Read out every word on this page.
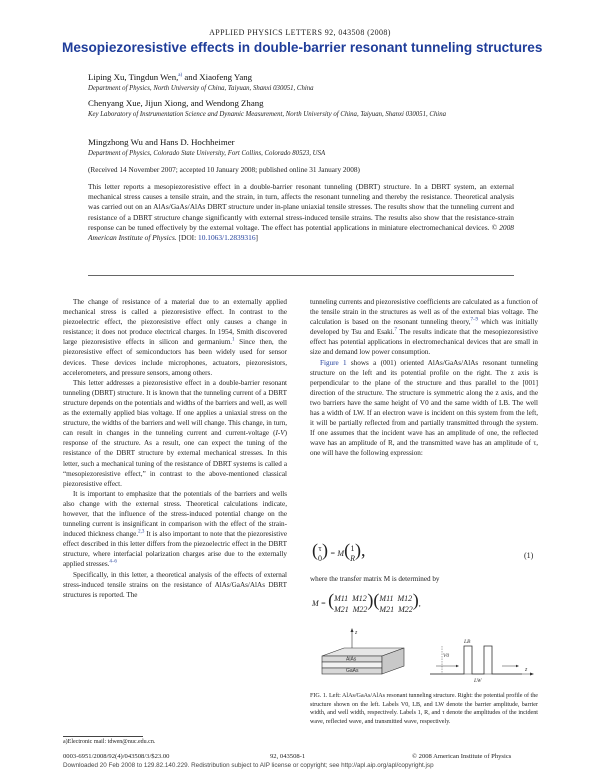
APPLIED PHYSICS LETTERS 92, 043508 (2008)
Mesopiezoresistive effects in double-barrier resonant tunneling structures
Liping Xu, Tingdun Wen,$^{a)}$ and Xiaofeng Yang
Department of Physics, North University of China, Taiyuan, Shanxi 030051, China
Chenyang Xue, Jijun Xiong, and Wendong Zhang
Key Laboratory of Instrumentation Science and Dynamic Measurement, North University of China, Taiyuan, Shanxi 030051, China
Mingzhong Wu and Hans D. Hochheimer
Department of Physics, Colorado State University, Fort Collins, Colorado 80523, USA
(Received 14 November 2007; accepted 10 January 2008; published online 31 January 2008)
This letter reports a mesopiezoresistive effect in a double-barrier resonant tunneling (DBRT) structure. In a DBRT system, an external mechanical stress causes a tensile strain, and the strain, in turn, affects the resonant tunneling and thereby the resistance. Theoretical analysis was carried out on an AlAs/GaAs/AlAs DBRT structure under in-plane uniaxial tensile stresses. The results show that the tunneling current and resistance of a DBRT structure change significantly with external stress-induced tensile strains. The results also show that the resistance-strain response can be tuned effectively by the external voltage. The effect has potential applications in miniature electromechanical devices. © 2008 American Institute of Physics. [DOI: 10.1063/1.2839316]

The change of resistance of a material due to an externally applied mechanical stress is called a piezoresistive effect. In contrast to the piezoelectric effect, the piezoresistive effect only causes a change in resistance; it does not produce electrical charges. In 1954, Smith discovered large piezoresistive effects in silicon and germanium.$^1$ Since then, the piezoresistive effect of semiconductors has been widely used for sensor devices. These devices include microphones, actuators, piezoresistors, accelerometers, and pressure sensors, among others.

This letter addresses a piezoresistive effect in a double-barrier resonant tunneling (DBRT) structure. It is known that the tunneling current of a DBRT structure depends on the potentials and widths of the barriers and well, as well as the externally applied bias voltage. If one applies a uniaxial stress on the structure, the widths of the barriers and well will change. This change, in turn, can result in changes in the tunneling current and current-voltage (I-V) response of the structure. As a result, one can expect the tuning of the resistance of the DBRT structure by external mechanical stresses. In this letter, such a mechanical tuning of the resistance of DBRT systems is called a “mesopiezoresistive effect,” in contrast to the above-mentioned classical piezoresistive effect.

It is important to emphasize that the potentials of the barriers and wells also change with the external stress. Theoretical calculations indicate, however, that the influence of the stress-induced potential change on the tunneling current is insignificant in comparison with the effect of the strain-induced thickness change.$^{2,3}$ It is also important to note that the piezoresistive effect described in this letter differs from the piezoelectric effect in the DBRT structure, where interfacial polarization charges arise due to the externally applied stresses.$^{4-6}$

Specifically, in this letter, a theoretical analysis of the effects of external stress-induced tensile strains on the resistance of AlAs/GaAs/AlAs DBRT structures is reported. The

tunneling currents and piezoresistive coefficients are calculated as a function of the tensile strain in the structures as well as of the external bias voltage. The calculation is based on the resonant tunneling theory,$^{7-9}$ which was initially developed by Tsu and Esaki.$^7$ The results indicate that the mesopiezoresistive effect has potential applications in electromechanical devices that are small in size and demand low power consumption.

Figure 1 shows a (001) oriented AlAs/GaAs/AlAs resonant tunneling structure on the left and its potential profile on the right. The z axis is perpendicular to the plane of the structure and thus parallel to the [001] direction of the structure. The structure is symmetric along the z axis, and the two barriers have the same height of V0 and the same width of LB. The well has a width of LW. If an electron wave is incident on this system from the left, it will be partially reflected from and partially transmitted through the system. If one assumes that the incident wave has an amplitude of one, the reflected wave has an amplitude of R, and the transmitted wave has an amplitude of τ, one will have the following expression:

(τ
0) = M(1
R),	(1)
where the transfer matrix M is determined by
M = (M11 M12
M21 M22)(M11 M12
M21 M22),
GaAs
AlAs
z
V0
LB
LW
z
FIG. 1. Left: AlAs/GaAs/AlAs resonant tunneling structure. Right: the potential profile of the structure shown on the left. Labels V0, LB, and LW denote the barrier amplitude, barrier width, and well width, respectively. Labels 1, R, and τ denote the amplitudes of the incident wave, reflected wave, and transmitted wave, respectively.
a)Electronic mail: tdwen@nuc.edu.cn.
0003-6951/2008/92(4)/043508/3/$23.00	92, 043508-1	© 2008 American Institute of Physics
Downloaded 20 Feb 2008 to 129.82.140.229. Redistribution subject to AIP license or copyright; see http://apl.aip.org/apl/copyright.jsp
